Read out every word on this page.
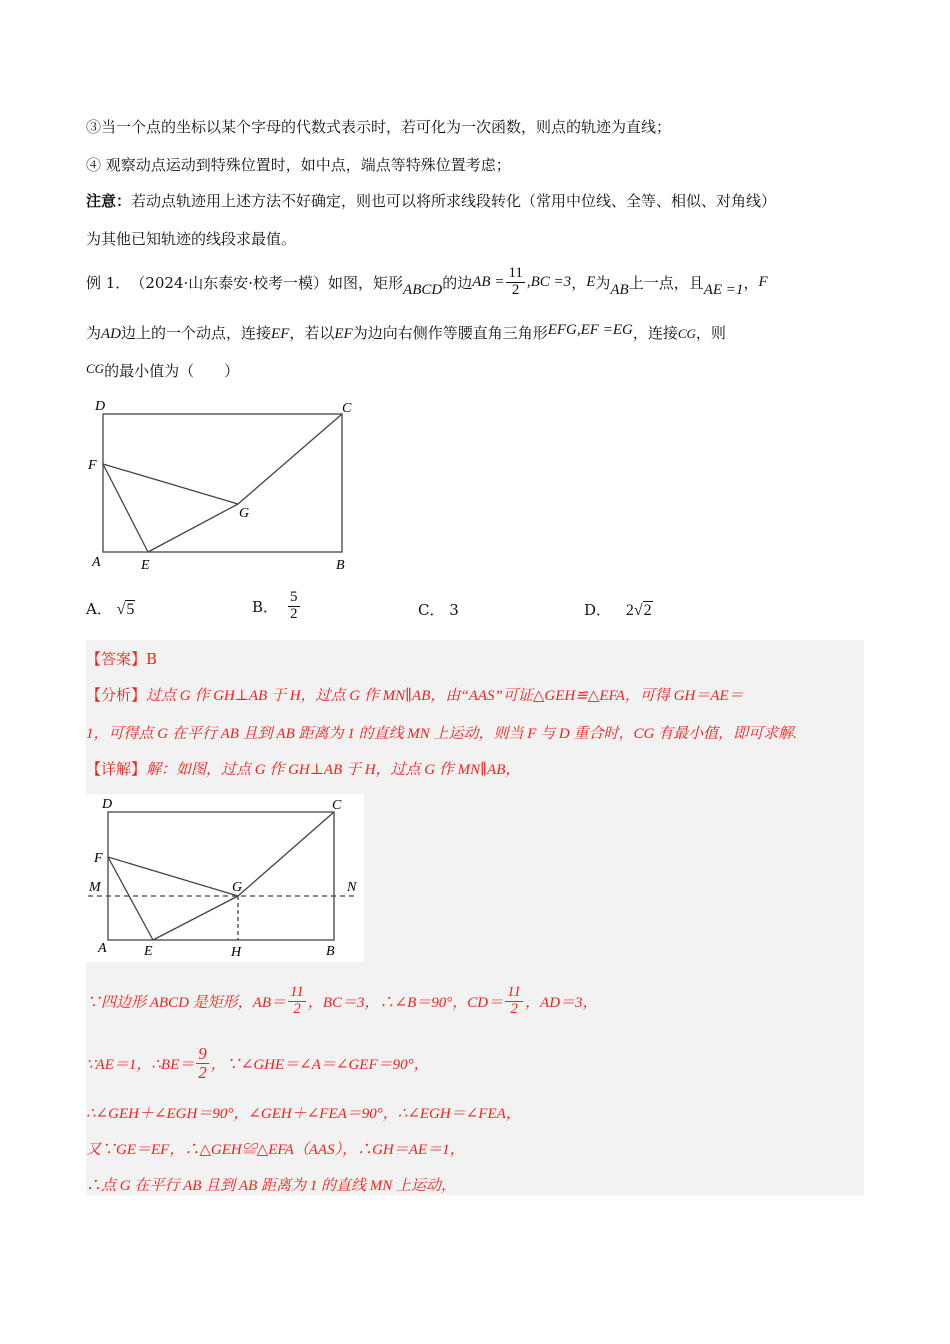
③当一个点的坐标以某个字母的代数式表示时，若可化为一次函数，则点的轨迹为直线；
④ 观察动点运动到特殊位置时，如中点，端点等特殊位置考虑；
注意：若动点轨迹用上述方法不好确定，则也可以将所求线段转化（常用中位线、全等、相似、对角线）
为其他已知轨迹的线段求最值。
例 1． （2024·山东泰安·校考一模） 如图，矩形 ABCD 的边 AB = $\frac{11}{2} ,BC =3$ ， E 为 AB 上一点，且 AE =1 ， F
为AD边上的一个动点，连接EF，若以EF为边向右侧作等腰直角三角形EFG,EF =EG，连接CG，则
CG的最小值为（　　）
D	C
F
G
A	E	B
A． √5	B． $\frac{5}{2}$	C． 3	D． 2√2
【答案】B
【分析】过点 G 作 GH⊥AB 于 H，过点 G 作 MN∥AB，由“AAS”可证△GEH≌△EFA，可得 GH＝AE＝
1，可得点 G 在平行 AB 且到 AB 距离为 1 的直线 MN 上运动，则当 F 与 D 重合时，CG 有最小值，即可求解.
【详解】解：如图，过点 G 作 GH⊥AB 于 H，过点 G 作 MN∥AB，
D	C
F
M	G	N
A	E	H	B
∵四边形 ABCD 是矩形，$AB= \frac{11}{2}$ ，BC＝3，∴∠B＝90°，$CD= \frac{11}{2}$ ，AD＝3，
∵AE＝1，∴BE＝ $\frac{9}{2}$ ，∵∠GHE＝∠A＝∠GEF＝90°，
∴∠GEH＋∠EGH＝90°，∠GEH＋∠FEA＝90°，∴∠EGH＝∠FEA，
又∵GE＝EF，∴△GEH≌△EFA（AAS），∴GH＝AE＝1，
∴点 G 在平行 AB 且到 AB 距离为 1 的直线 MN 上运动，
